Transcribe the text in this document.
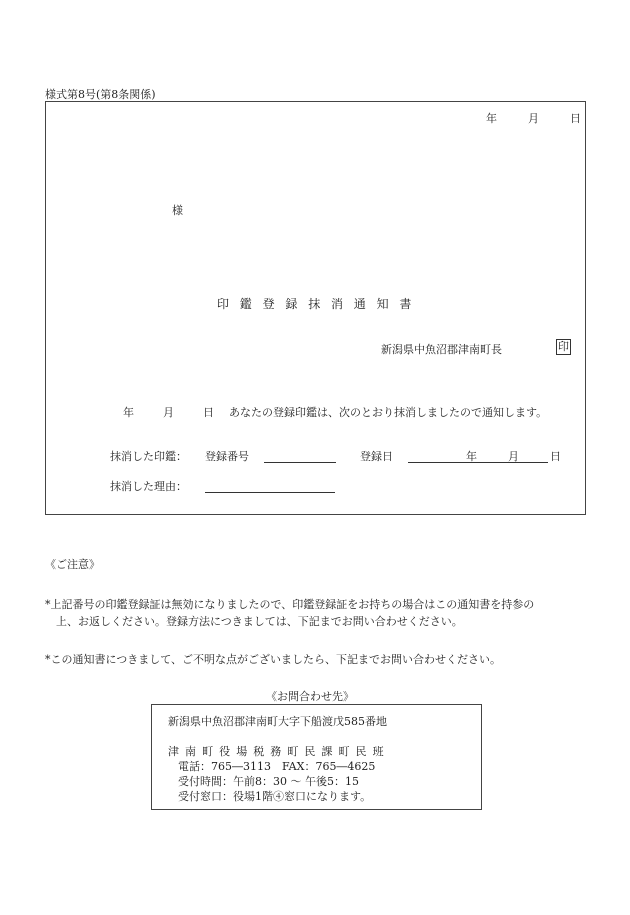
様式第8号(第8条関係)
年	月	日
様
印鑑登録抹消通知書
新潟県中魚沼郡津南町長	印
年	月	日 あなたの登録印鑑は、次のとおり抹消しましたので通知します。
抹消した印鑑： 登録番号	登録日	年	月	日
抹消した理由：
《ご注意》
*上記番号の印鑑登録証は無効になりましたので、印鑑登録証をお持ちの場合はこの通知書を持参の
上、お返しください。登録方法につきましては、下記までお問い合わせください。
*この通知書につきまして、ご不明な点がございましたら、下記までお問い合わせください。
《お問合わせ先》
新潟県中魚沼郡津南町大字下船渡戊585番地
津南町役場税務町民課町民班
電話：765―3113　FAX：765―4625
受付時間：午前8：30 ～ 午後5：15
受付窓口：役場1階④窓口になります。
